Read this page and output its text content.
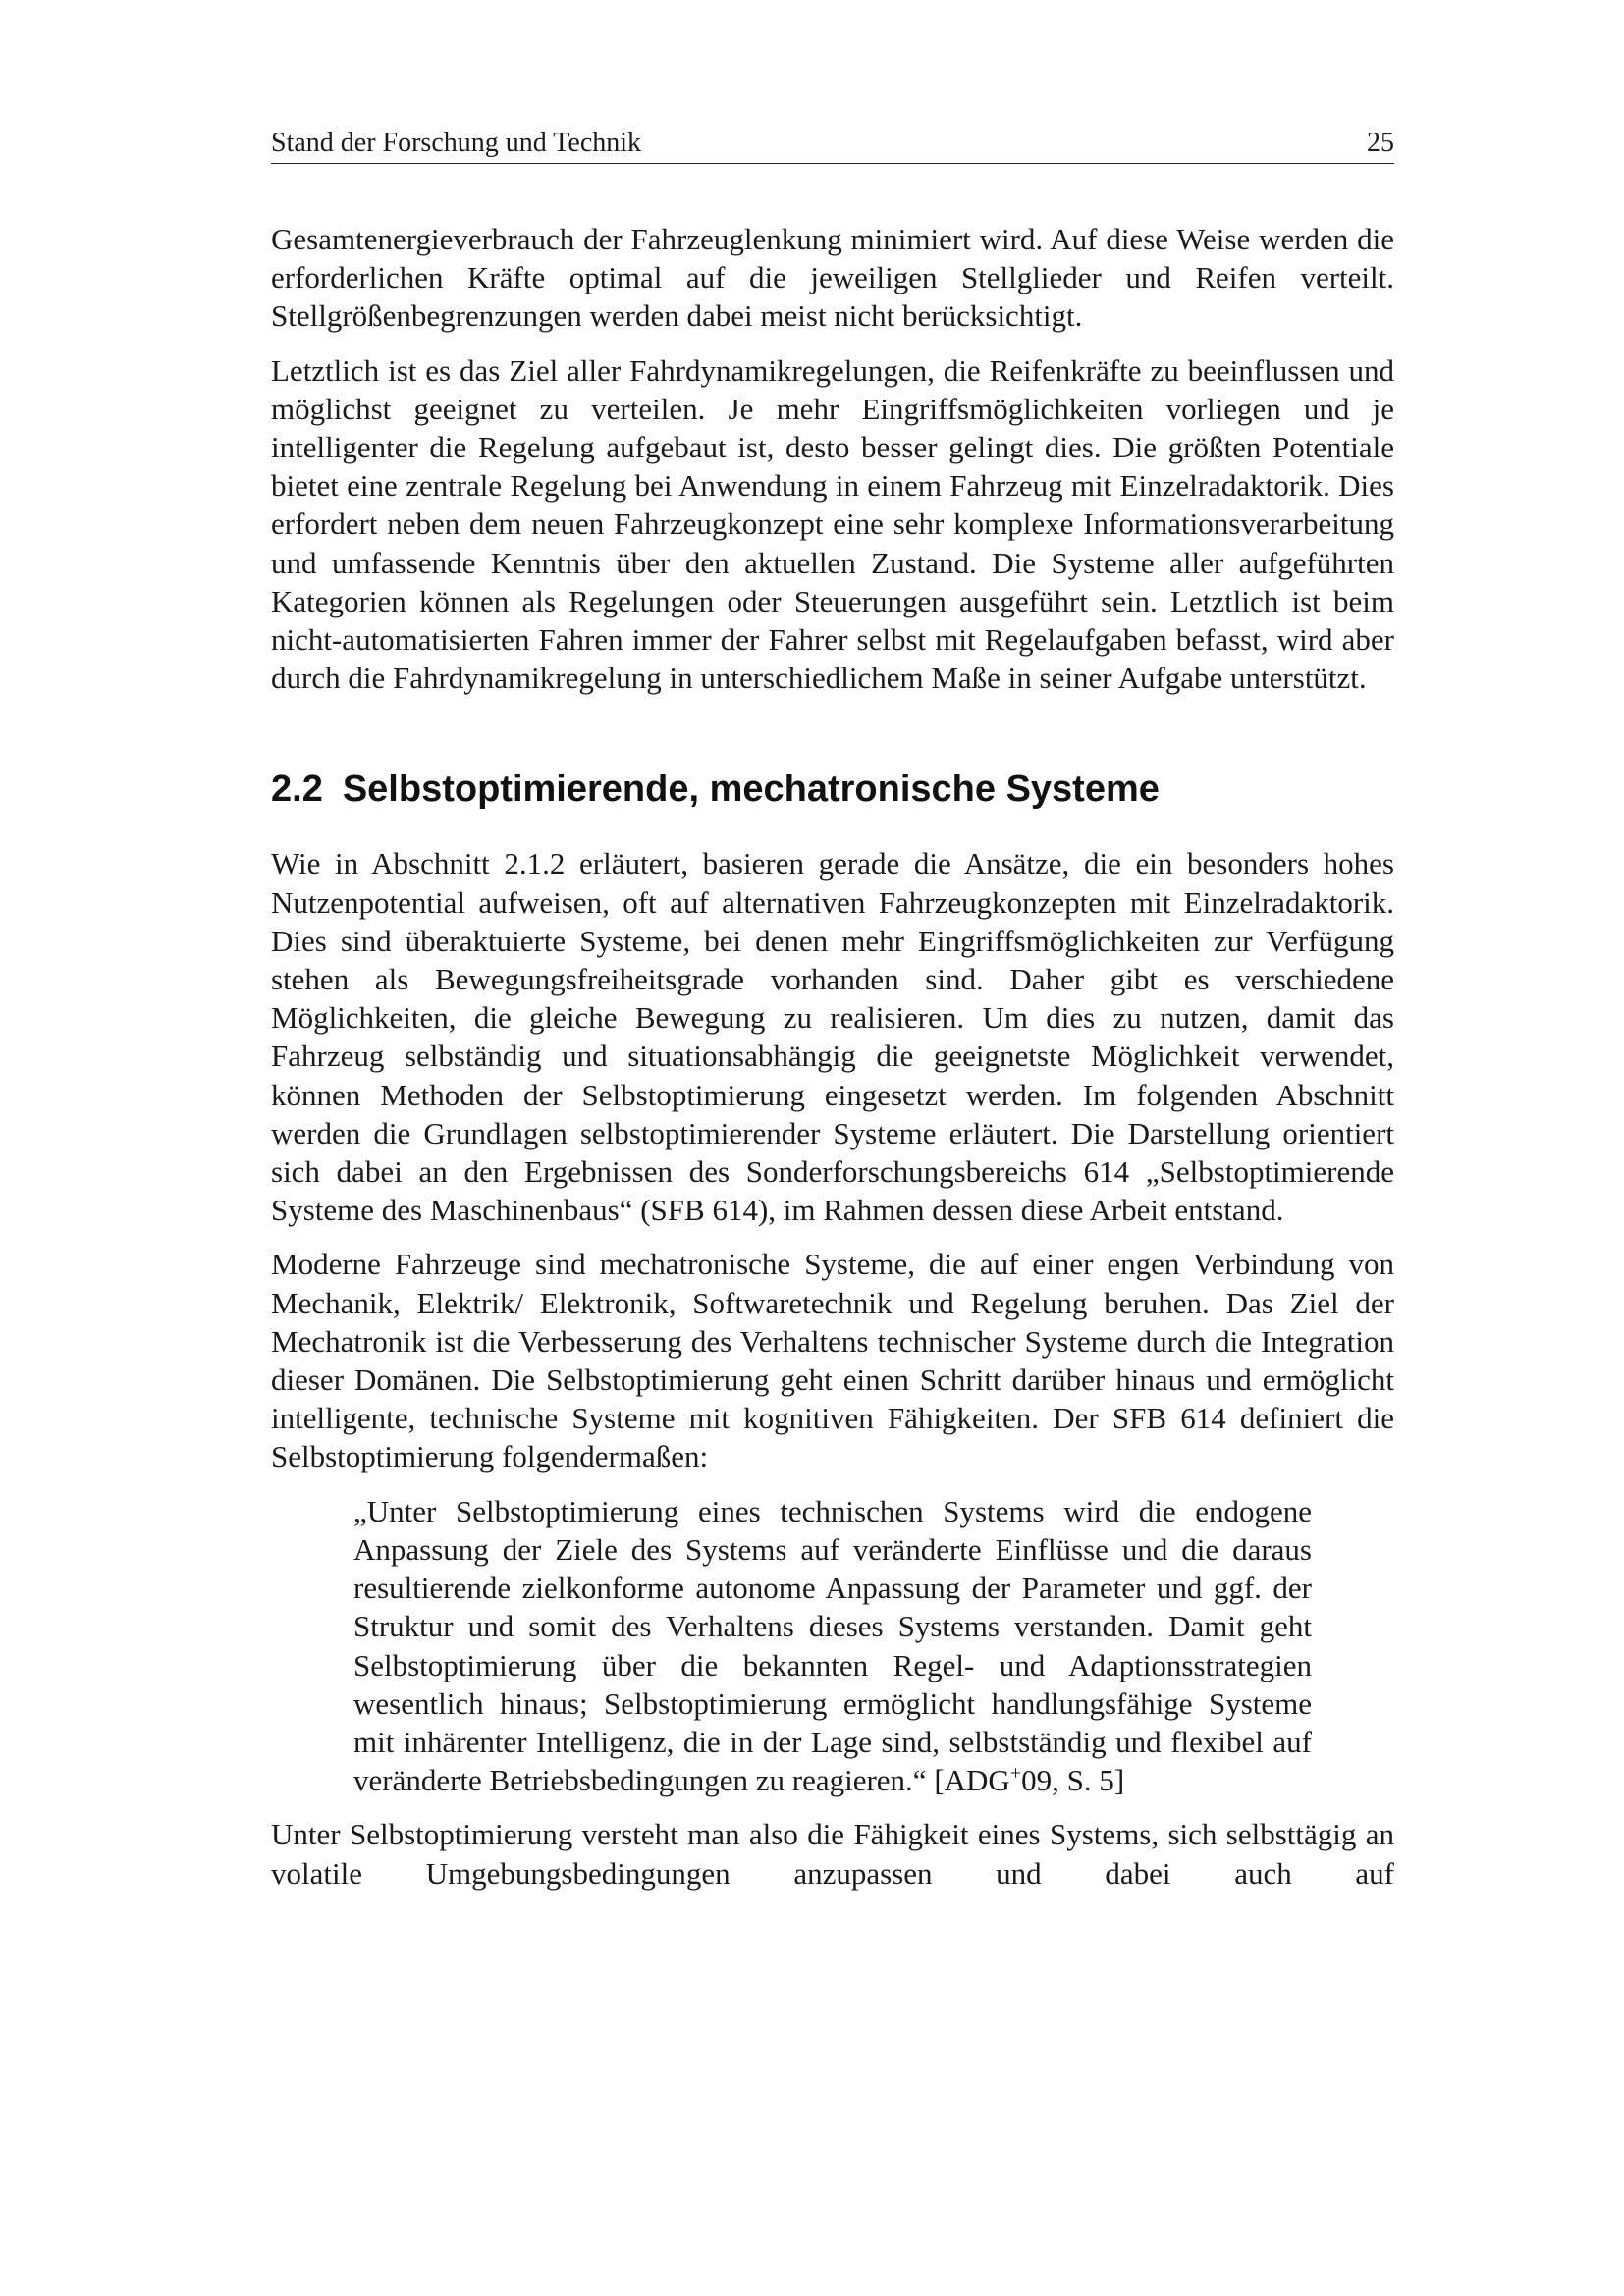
Stand der Forschung und Technik	25

Gesamtenergieverbrauch der Fahrzeuglenkung minimiert wird. Auf diese Weise werden die erforderlichen Kräfte optimal auf die jeweiligen Stellglieder und Reifen verteilt. Stellgrößenbegrenzungen werden dabei meist nicht berücksichtigt.

Letztlich ist es das Ziel aller Fahrdynamikregelungen, die Reifenkräfte zu beeinflussen und möglichst geeignet zu verteilen. Je mehr Eingriffsmöglichkeiten vorliegen und je intelligenter die Regelung aufgebaut ist, desto besser gelingt dies. Die größten Potentiale bietet eine zentrale Regelung bei Anwendung in einem Fahrzeug mit Einzelradaktorik. Dies erfordert neben dem neuen Fahrzeugkonzept eine sehr komplexe Informationsverarbeitung und umfassende Kenntnis über den aktuellen Zustand. Die Systeme aller aufgeführten Kategorien können als Regelungen oder Steuerungen ausgeführt sein. Letztlich ist beim nicht-automatisierten Fahren immer der Fahrer selbst mit Regelaufgaben befasst, wird aber durch die Fahrdynamikregelung in unterschiedlichem Maße in seiner Aufgabe unterstützt.

2.2 Selbstoptimierende, mechatronische Systeme

Wie in Abschnitt 2.1.2 erläutert, basieren gerade die Ansätze, die ein besonders hohes Nutzenpotential aufweisen, oft auf alternativen Fahrzeugkonzepten mit Einzelradaktorik. Dies sind überaktuierte Systeme, bei denen mehr Eingriffsmöglichkeiten zur Verfügung stehen als Bewegungsfreiheitsgrade vorhanden sind. Daher gibt es verschiedene Möglichkeiten, die gleiche Bewegung zu realisieren. Um dies zu nutzen, damit das Fahrzeug selbständig und situationsabhängig die geeignetste Möglichkeit verwendet, können Methoden der Selbstoptimierung eingesetzt werden. Im folgenden Abschnitt werden die Grundlagen selbstoptimierender Systeme erläutert. Die Darstellung orientiert sich dabei an den Ergebnissen des Sonderforschungsbereichs 614 „Selbstoptimierende Systeme des Maschinenbaus“ (SFB 614), im Rahmen dessen diese Arbeit entstand.

Moderne Fahrzeuge sind mechatronische Systeme, die auf einer engen Verbindung von Mechanik, Elektrik/ Elektronik, Softwaretechnik und Regelung beruhen. Das Ziel der Mechatronik ist die Verbesserung des Verhaltens technischer Systeme durch die Integration dieser Domänen. Die Selbstoptimierung geht einen Schritt darüber hinaus und ermöglicht intelligente, technische Systeme mit kognitiven Fähigkeiten. Der SFB 614 definiert die Selbstoptimierung folgendermaßen:

„Unter Selbstoptimierung eines technischen Systems wird die endogene Anpassung der Ziele des Systems auf veränderte Einflüsse und die daraus resultierende zielkonforme autonome Anpassung der Parameter und ggf. der Struktur und somit des Verhaltens dieses Systems verstanden. Damit geht Selbstoptimierung über die bekannten Regel- und Adaptionsstrategien wesentlich hinaus; Selbstoptimierung ermöglicht handlungsfähige Systeme mit inhärenter Intelligenz, die in der Lage sind, selbstständig und flexibel auf veränderte Betriebsbedingungen zu reagieren.“ [ADG+09, S. 5]

Unter Selbstoptimierung versteht man also die Fähigkeit eines Systems, sich selbsttägig an volatile Umgebungsbedingungen anzupassen und dabei auch auf
